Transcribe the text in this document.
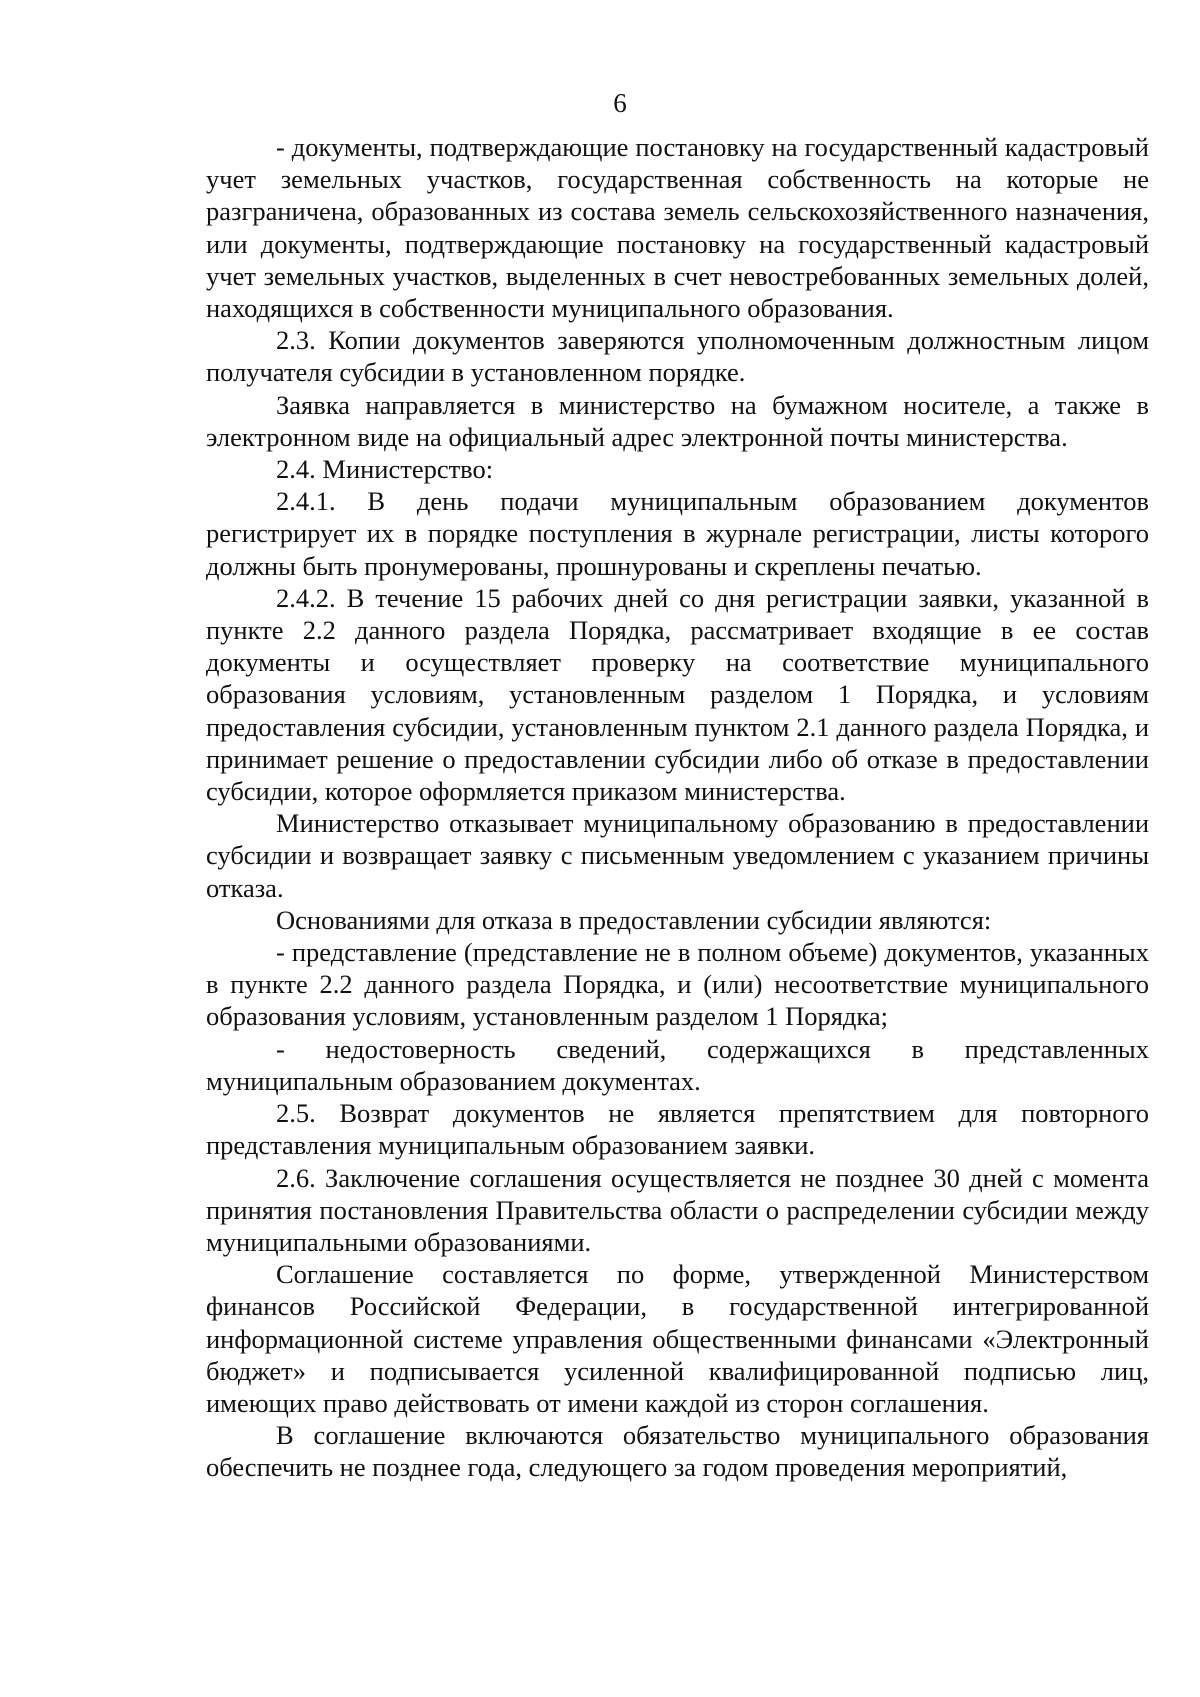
6

- документы, подтверждающие постановку на государственный кадастровый учет земельных участков, государственная собственность на которые не разграничена, образованных из состава земель сельскохозяйственного назначения, или документы, подтверждающие постановку на государственный кадастровый учет земельных участков, выделенных в счет невостребованных земельных долей, находящихся в собственности муниципального образования.

2.3. Копии документов заверяются уполномоченным должностным лицом получателя субсидии в установленном порядке.

Заявка направляется в министерство на бумажном носителе, а также в электронном виде на официальный адрес электронной почты министерства.

2.4. Министерство:

2.4.1. В день подачи муниципальным образованием документов регистрирует их в порядке поступления в журнале регистрации, листы которого должны быть пронумерованы, прошнурованы и скреплены печатью.

2.4.2. В течение 15 рабочих дней со дня регистрации заявки, указанной в пункте 2.2 данного раздела Порядка, рассматривает входящие в ее состав документы и осуществляет проверку на соответствие муниципального образования условиям, установленным разделом 1 Порядка, и условиям предоставления субсидии, установленным пунктом 2.1 данного раздела Порядка, и принимает решение о предоставлении субсидии либо об отказе в предоставлении субсидии, которое оформляется приказом министерства.

Министерство отказывает муниципальному образованию в предоставлении субсидии и возвращает заявку с письменным уведомлением с указанием причины отказа.

Основаниями для отказа в предоставлении субсидии являются:

- представление (представление не в полном объеме) документов, указанных в пункте 2.2 данного раздела Порядка, и (или) несоответствие муниципального образования условиям, установленным разделом 1 Порядка;

- недостоверность сведений, содержащихся в представленных муниципальным образованием документах.

2.5. Возврат документов не является препятствием для повторного представления муниципальным образованием заявки.

2.6. Заключение соглашения осуществляется не позднее 30 дней с момента принятия постановления Правительства области о распределении субсидии между муниципальными образованиями.

Соглашение составляется по форме, утвержденной Министерством финансов Российской Федерации, в государственной интегрированной информационной системе управления общественными финансами «Электронный бюджет» и подписывается усиленной квалифицированной подписью лиц, имеющих право действовать от имени каждой из сторон соглашения.

В соглашение включаются обязательство муниципального образования обеспечить не позднее года, следующего за годом проведения мероприятий,
